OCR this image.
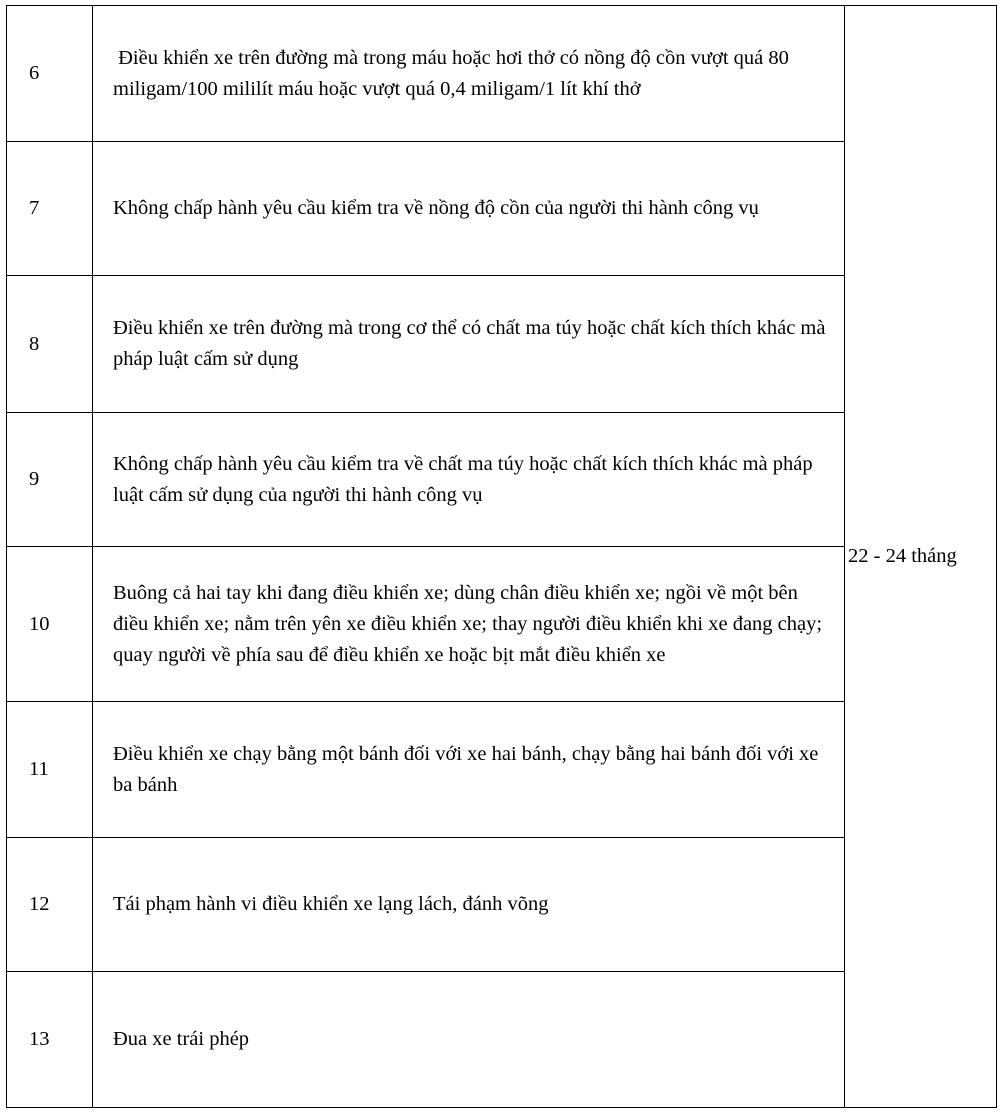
6	Điều khiển xe trên đường mà trong máu hoặc hơi thở có nồng độ cồn vượt quá 80 miligam/100 mililít máu hoặc vượt quá 0,4 miligam/1 lít khí thở	22 - 24 tháng
7	Không chấp hành yêu cầu kiểm tra về nồng độ cồn của người thi hành công vụ	
8	Điều khiển xe trên đường mà trong cơ thể có chất ma túy hoặc chất kích thích khác mà pháp luật cấm sử dụng	
9	Không chấp hành yêu cầu kiểm tra về chất ma túy hoặc chất kích thích khác mà pháp luật cấm sử dụng của người thi hành công vụ	
10	Buông cả hai tay khi đang điều khiển xe; dùng chân điều khiển xe; ngồi về một bên điều khiển xe; nằm trên yên xe điều khiển xe; thay người điều khiển khi xe đang chạy; quay người về phía sau để điều khiển xe hoặc bịt mắt điều khiển xe	
11	Điều khiển xe chạy bằng một bánh đối với xe hai bánh, chạy bằng hai bánh đối với xe ba bánh	
12	Tái phạm hành vi điều khiển xe lạng lách, đánh võng	
13	Đua xe trái phép	
